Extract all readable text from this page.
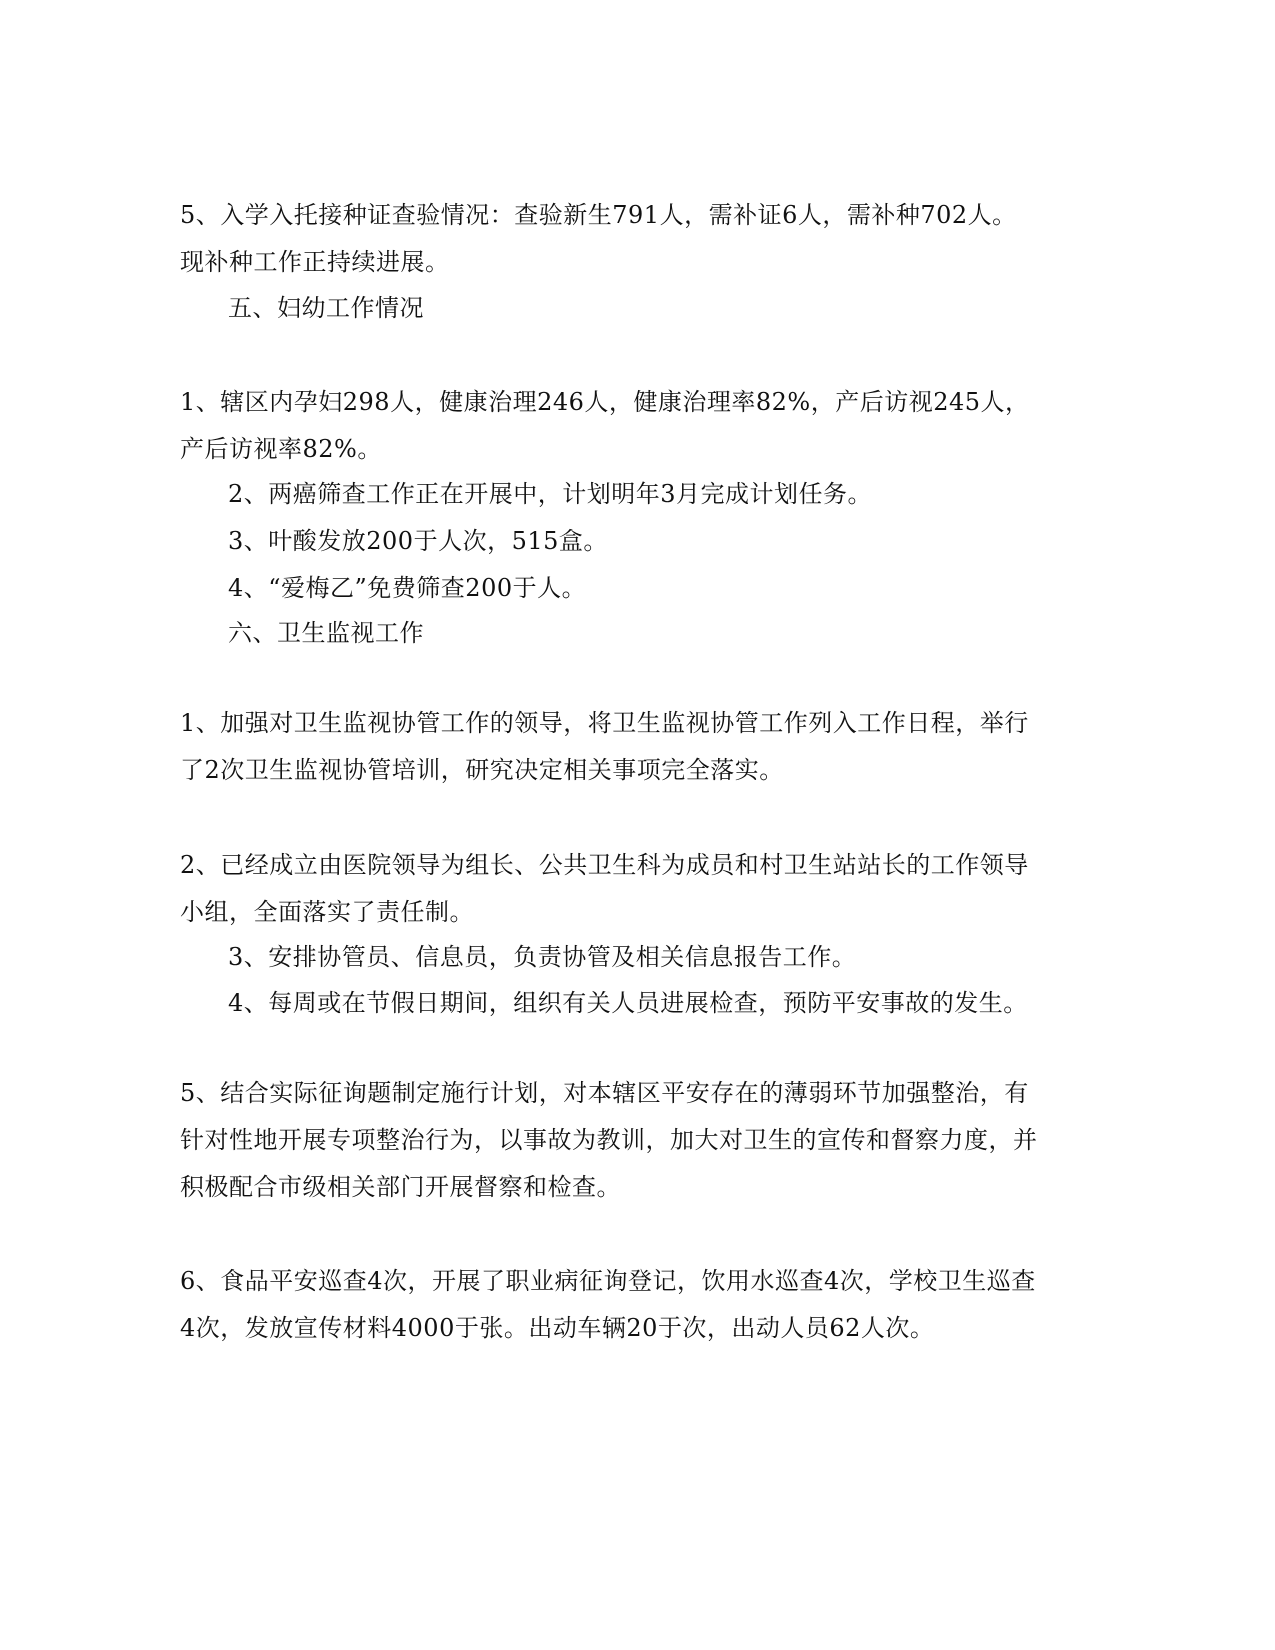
5、入学入托接种证查验情况：查验新生791人，需补证6人，需补种702人。现补种工作正持续进展。
五、妇幼工作情况
1、辖区内孕妇298人，健康治理246人，健康治理率82%，产后访视245人，产后访视率82%。
2、两癌筛查工作正在开展中，计划明年3月完成计划任务。
3、叶酸发放200于人次，515盒。
4、“爱梅乙”免费筛查200于人。
六、卫生监视工作
1、加强对卫生监视协管工作的领导，将卫生监视协管工作列入工作日程，举行了2次卫生监视协管培训，研究决定相关事项完全落实。
2、已经成立由医院领导为组长、公共卫生科为成员和村卫生站站长的工作领导小组，全面落实了责任制。
3、安排协管员、信息员，负责协管及相关信息报告工作。
4、每周或在节假日期间，组织有关人员进展检查，预防平安事故的发生。
5、结合实际征询题制定施行计划，对本辖区平安存在的薄弱环节加强整治，有针对性地开展专项整治行为，以事故为教训，加大对卫生的宣传和督察力度，并积极配合市级相关部门开展督察和检查。
6、食品平安巡查4次，开展了职业病征询登记，饮用水巡查4次，学校卫生巡查4次，发放宣传材料4000于张。出动车辆20于次，出动人员62人次。
